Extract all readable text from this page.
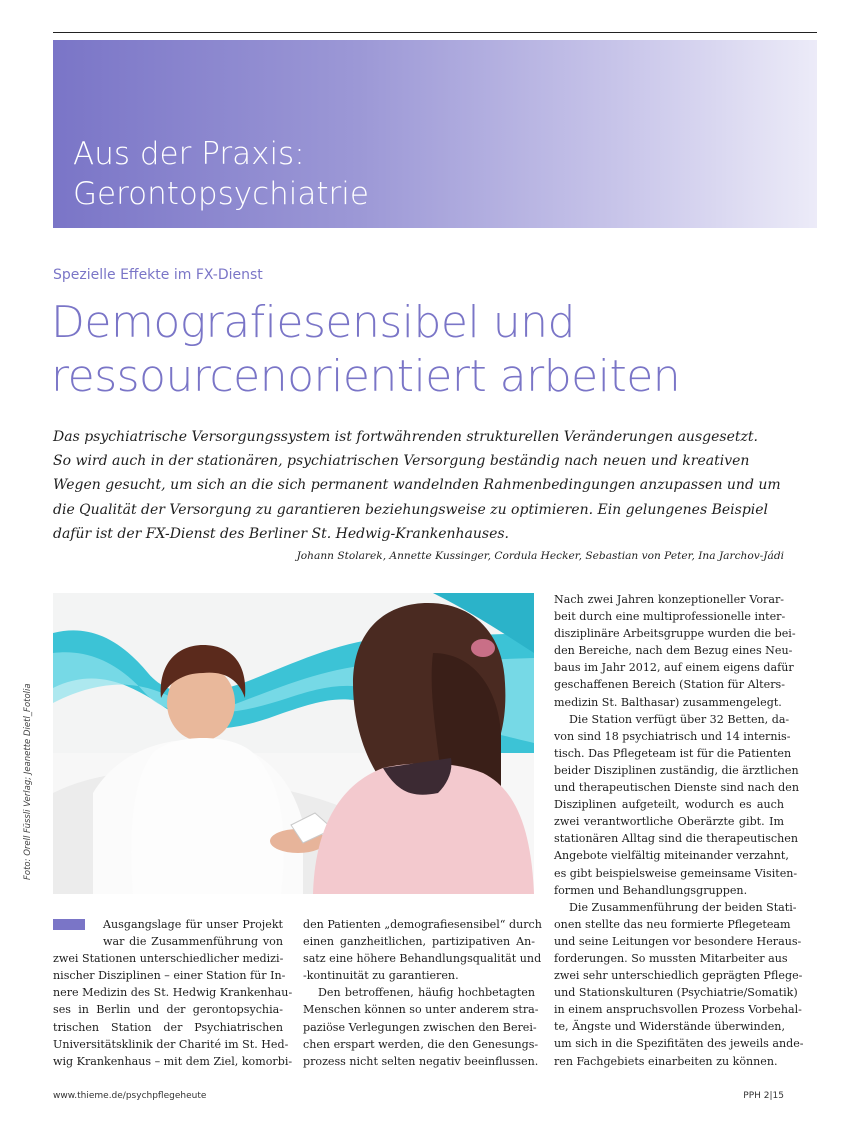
Aus der Praxis:
Gerontopsychiatrie
Spezielle Effekte im FX-Dienst
Demografiesensibel und
ressourcenorientiert arbeiten
Das psychiatrische Versorgungssystem ist fortwährenden strukturellen Veränderungen ausgesetzt.
So wird auch in der stationären, psychiatrischen Versorgung beständig nach neuen und kreativen
Wegen gesucht, um sich an die sich permanent wandelnden Rahmenbedingungen anzupassen und um
die Qualität der Versorgung zu garantieren beziehungsweise zu optimieren. Ein gelungenes Beispiel
dafür ist der FX-Dienst des Berliner St. Hedwig-Krankenhauses.
Johann Stolarek, Annette Kussinger, Cordula Hecker, Sebastian von Peter, Ina Jarchov-Jádi
Foto: Orell Füssli Verlag; Jeanette Dietl_Fotolia
Ausgangslage für unser Projekt
war die Zusammenführung von
zwei Stationen unterschiedlicher medizi-
nischer Disziplinen – einer Station für In-
nere Medizin des St. Hedwig Krankenhau-
ses in Berlin und der gerontopsychia-
trischen Station der Psychiatrischen
Universitätsklinik der Charité im St. Hed-
wig Krankenhaus – mit dem Ziel, komorbi-
den Patienten „demografiesensibel“ durch
einen ganzheitlichen, partizipativen An-
satz eine höhere Behandlungsqualität und
-kontinuität zu garantieren.
Den betroffenen, häufig hochbetagten
Menschen können so unter anderem stra-
paziöse Verlegungen zwischen den Berei-
chen erspart werden, die den Genesungs-
prozess nicht selten negativ beeinflussen.
Nach zwei Jahren konzeptioneller Vorar-
beit durch eine multiprofessionelle inter-
disziplinäre Arbeitsgruppe wurden die bei-
den Bereiche, nach dem Bezug eines Neu-
baus im Jahr 2012, auf einem eigens dafür
geschaffenen Bereich (Station für Alters-
medizin St. Balthasar) zusammengelegt.
Die Station verfügt über 32 Betten, da-
von sind 18 psychiatrisch und 14 internis-
tisch. Das Pflegeteam ist für die Patienten
beider Disziplinen zuständig, die ärztlichen
und therapeutischen Dienste sind nach den
Disziplinen aufgeteilt, wodurch es auch
zwei verantwortliche Oberärzte gibt. Im
stationären Alltag sind die therapeutischen
Angebote vielfältig miteinander verzahnt,
es gibt beispielsweise gemeinsame Visiten-
formen und Behandlungsgruppen.
Die Zusammenführung der beiden Stati-
onen stellte das neu formierte Pflegeteam
und seine Leitungen vor besondere Heraus-
forderungen. So mussten Mitarbeiter aus
zwei sehr unterschiedlich geprägten Pflege-
und Stationskulturen (Psychiatrie/Somatik)
in einem anspruchsvollen Prozess Vorbehal-
te, Ängste und Widerstände überwinden,
um sich in die Spezifitäten des jeweils ande-
ren Fachgebiets einarbeiten zu können.
www.thieme.de/psychpflegeheute	PPH 2|15
